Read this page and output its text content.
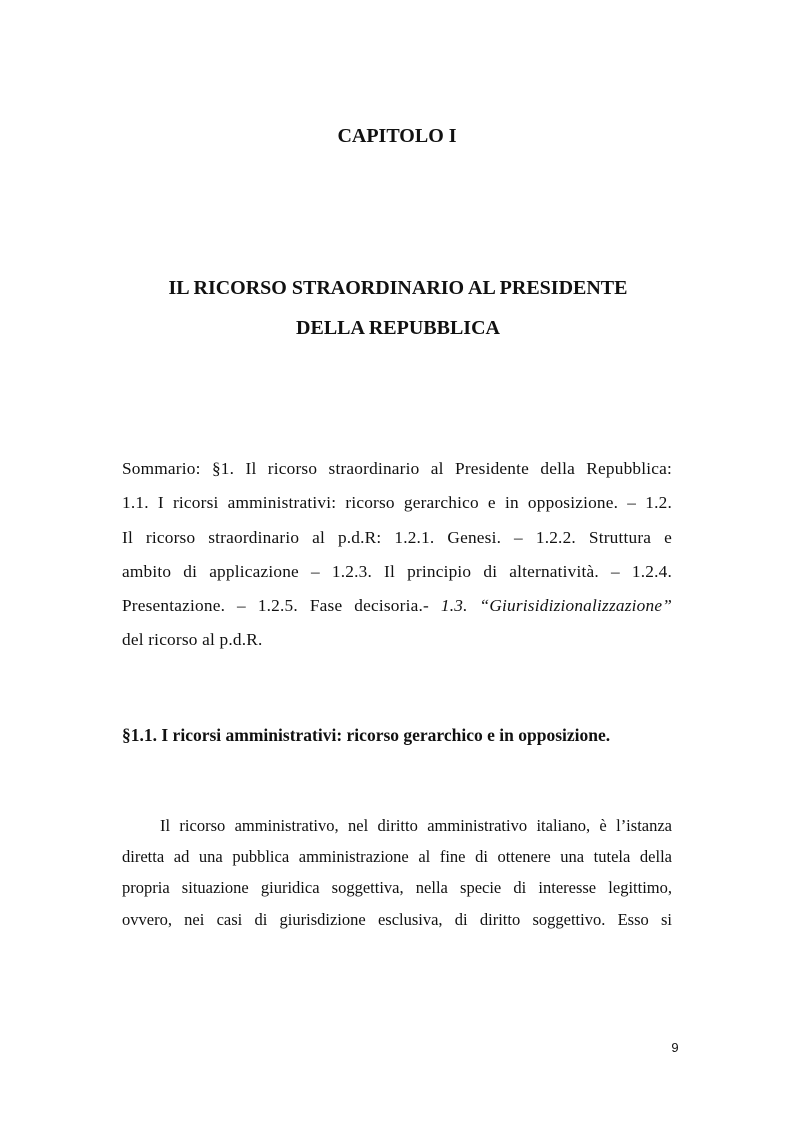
CAPITOLO I
IL RICORSO STRAORDINARIO AL PRESIDENTE
DELLA REPUBBLICA

Sommario: §1. Il ricorso straordinario al Presidente della Repubblica:
1.1. I ricorsi amministrativi: ricorso gerarchico e in opposizione. – 1.2.
Il ricorso straordinario al p.d.R: 1.2.1. Genesi. – 1.2.2. Struttura e
ambito di applicazione – 1.2.3. Il principio di alternatività. – 1.2.4.
Presentazione. – 1.2.5. Fase decisoria.- 1.3. “Giurisidizionalizzazione”
del ricorso al p.d.R.

§1.1. I ricorsi amministrativi: ricorso gerarchico e in opposizione.

Il ricorso amministrativo, nel diritto amministrativo italiano, è l’istanza
diretta ad una pubblica amministrazione al fine di ottenere una tutela della
propria situazione giuridica soggettiva, nella specie di interesse legittimo,
ovvero, nei casi di giurisdizione esclusiva, di diritto soggettivo. Esso si

9
